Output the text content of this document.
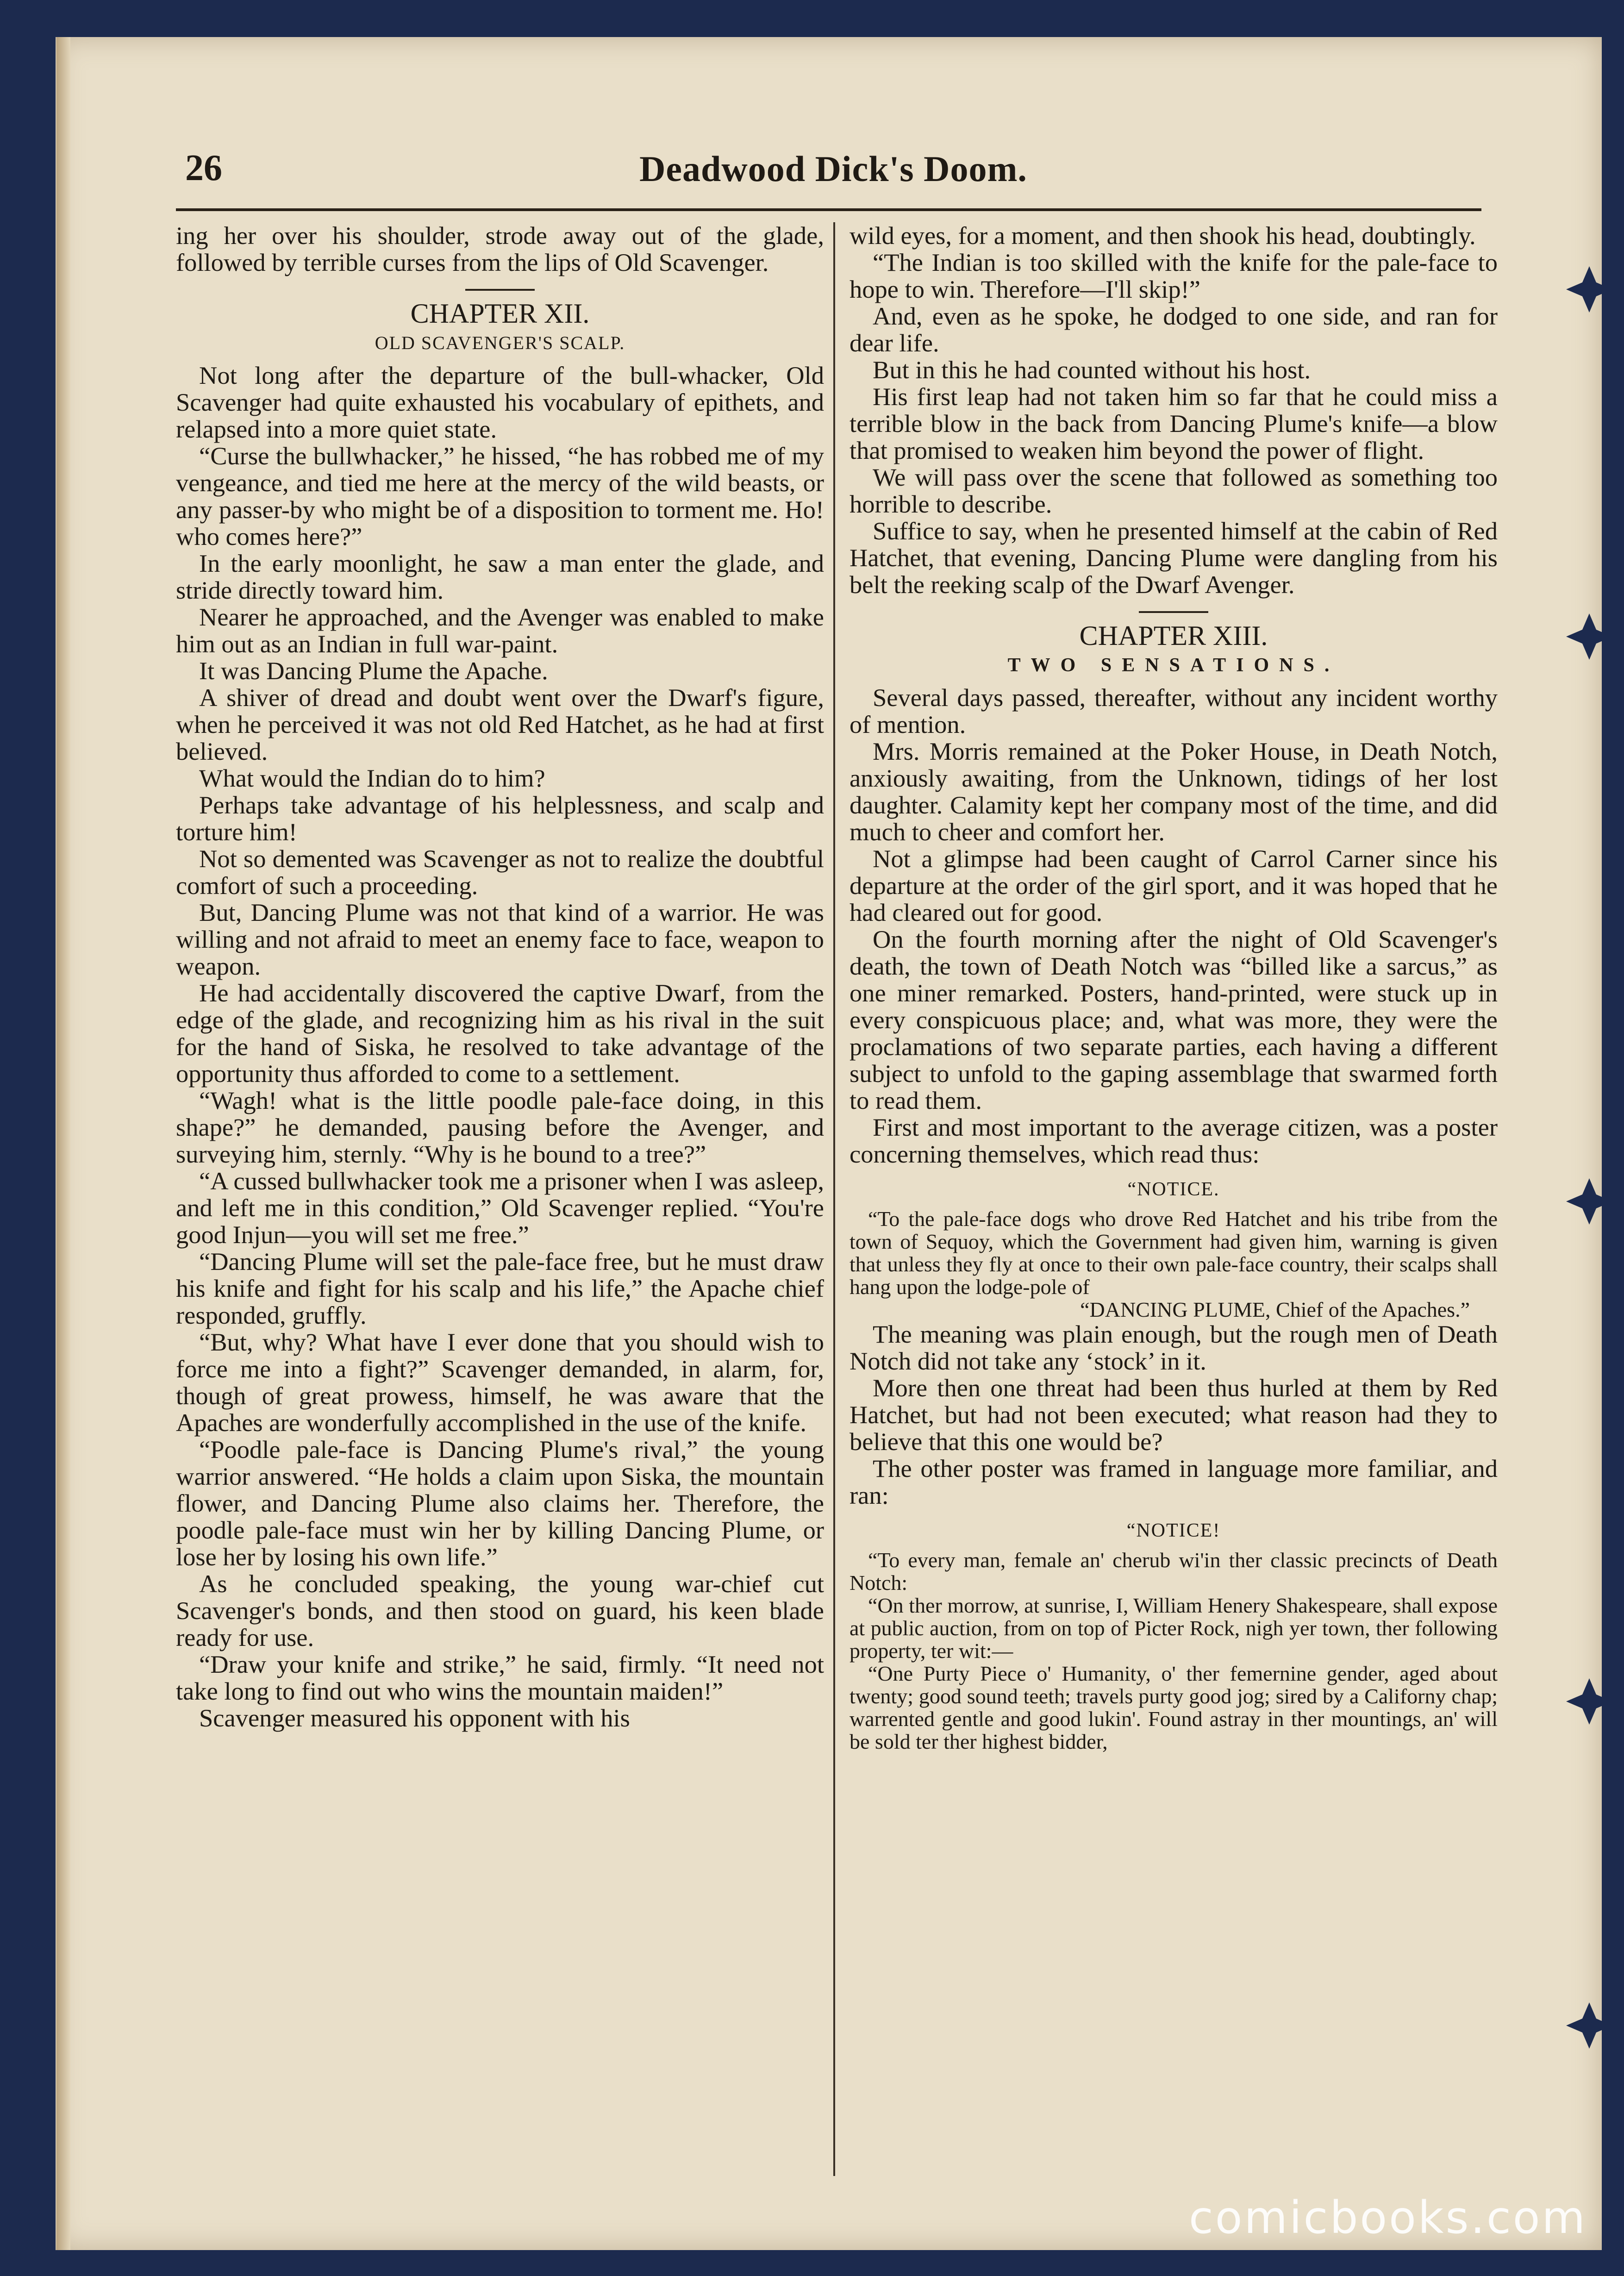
26	Deadwood Dick's Doom.

ing her over his shoulder, strode away out of the glade, followed by terrible curses from the lips of Old Scavenger.

CHAPTER XII.
OLD SCAVENGER'S SCALP.

Not long after the departure of the bull-whacker, Old Scavenger had quite exhausted his vocabulary of epithets, and relapsed into a more quiet state.

“Curse the bullwhacker,” he hissed, “he has robbed me of my vengeance, and tied me here at the mercy of the wild beasts, or any passer-by who might be of a disposition to torment me. Ho! who comes here?”

In the early moonlight, he saw a man enter the glade, and stride directly toward him.

Nearer he approached, and the Avenger was enabled to make him out as an Indian in full war-paint.

It was Dancing Plume the Apache.

A shiver of dread and doubt went over the Dwarf's figure, when he perceived it was not old Red Hatchet, as he had at first believed.

What would the Indian do to him?

Perhaps take advantage of his helplessness, and scalp and torture him!

Not so demented was Scavenger as not to realize the doubtful comfort of such a proceeding.

But, Dancing Plume was not that kind of a warrior. He was willing and not afraid to meet an enemy face to face, weapon to weapon.

He had accidentally discovered the captive Dwarf, from the edge of the glade, and recognizing him as his rival in the suit for the hand of Siska, he resolved to take advantage of the opportunity thus afforded to come to a settlement.

“Wagh! what is the little poodle pale-face doing, in this shape?” he demanded, pausing before the Avenger, and surveying him, sternly. “Why is he bound to a tree?”

“A cussed bullwhacker took me a prisoner when I was asleep, and left me in this condition,” Old Scavenger replied. “You're good Injun—you will set me free.”

“Dancing Plume will set the pale-face free, but he must draw his knife and fight for his scalp and his life,” the Apache chief responded, gruffly.

“But, why? What have I ever done that you should wish to force me into a fight?” Scavenger demanded, in alarm, for, though of great prowess, himself, he was aware that the Apaches are wonderfully accomplished in the use of the knife.

“Poodle pale-face is Dancing Plume's rival,” the young warrior answered. “He holds a claim upon Siska, the mountain flower, and Dancing Plume also claims her. Therefore, the poodle pale-face must win her by killing Dancing Plume, or lose her by losing his own life.”

As he concluded speaking, the young war-chief cut Scavenger's bonds, and then stood on guard, his keen blade ready for use.

“Draw your knife and strike,” he said, firmly. “It need not take long to find out who wins the mountain maiden!”

Scavenger measured his opponent with his

wild eyes, for a moment, and then shook his head, doubtingly.

“The Indian is too skilled with the knife for the pale-face to hope to win. Therefore—I'll skip!”

And, even as he spoke, he dodged to one side, and ran for dear life.

But in this he had counted without his host.

His first leap had not taken him so far that he could miss a terrible blow in the back from Dancing Plume's knife—a blow that promised to weaken him beyond the power of flight.

We will pass over the scene that followed as something too horrible to describe.

Suffice to say, when he presented himself at the cabin of Red Hatchet, that evening, Dancing Plume were dangling from his belt the reeking scalp of the Dwarf Avenger.

CHAPTER XIII.
TWO SENSATIONS.

Several days passed, thereafter, without any incident worthy of mention.

Mrs. Morris remained at the Poker House, in Death Notch, anxiously awaiting, from the Unknown, tidings of her lost daughter. Calamity kept her company most of the time, and did much to cheer and comfort her.

Not a glimpse had been caught of Carrol Carner since his departure at the order of the girl sport, and it was hoped that he had cleared out for good.

On the fourth morning after the night of Old Scavenger's death, the town of Death Notch was “billed like a sarcus,” as one miner remarked. Posters, hand-printed, were stuck up in every conspicuous place; and, what was more, they were the proclamations of two separate parties, each having a different subject to unfold to the gaping assemblage that swarmed forth to read them.

First and most important to the average citizen, was a poster concerning themselves, which read thus:

“NOTICE.

“To the pale-face dogs who drove Red Hatchet and his tribe from the town of Sequoy, which the Government had given him, warning is given that unless they fly at once to their own pale-face country, their scalps shall hang upon the lodge-pole of

“DANCING PLUME, Chief of the Apaches.”

The meaning was plain enough, but the rough men of Death Notch did not take any ‘stock’ in it.

More then one threat had been thus hurled at them by Red Hatchet, but had not been executed; what reason had they to believe that this one would be?

The other poster was framed in language more familiar, and ran:

“NOTICE!

“To every man, female an' cherub wi'in ther classic precincts of Death Notch:

“On ther morrow, at sunrise, I, William Henery Shakespeare, shall expose at public auction, from on top of Picter Rock, nigh yer town, ther following property, ter wit:—

“One Purty Piece o' Humanity, o' ther femernine gender, aged about twenty; good sound teeth; travels purty good jog; sired by a Californy chap; warrented gentle and good lukin'. Found astray in ther mountings, an' will be sold ter ther highest bidder,

comicbooks.com
